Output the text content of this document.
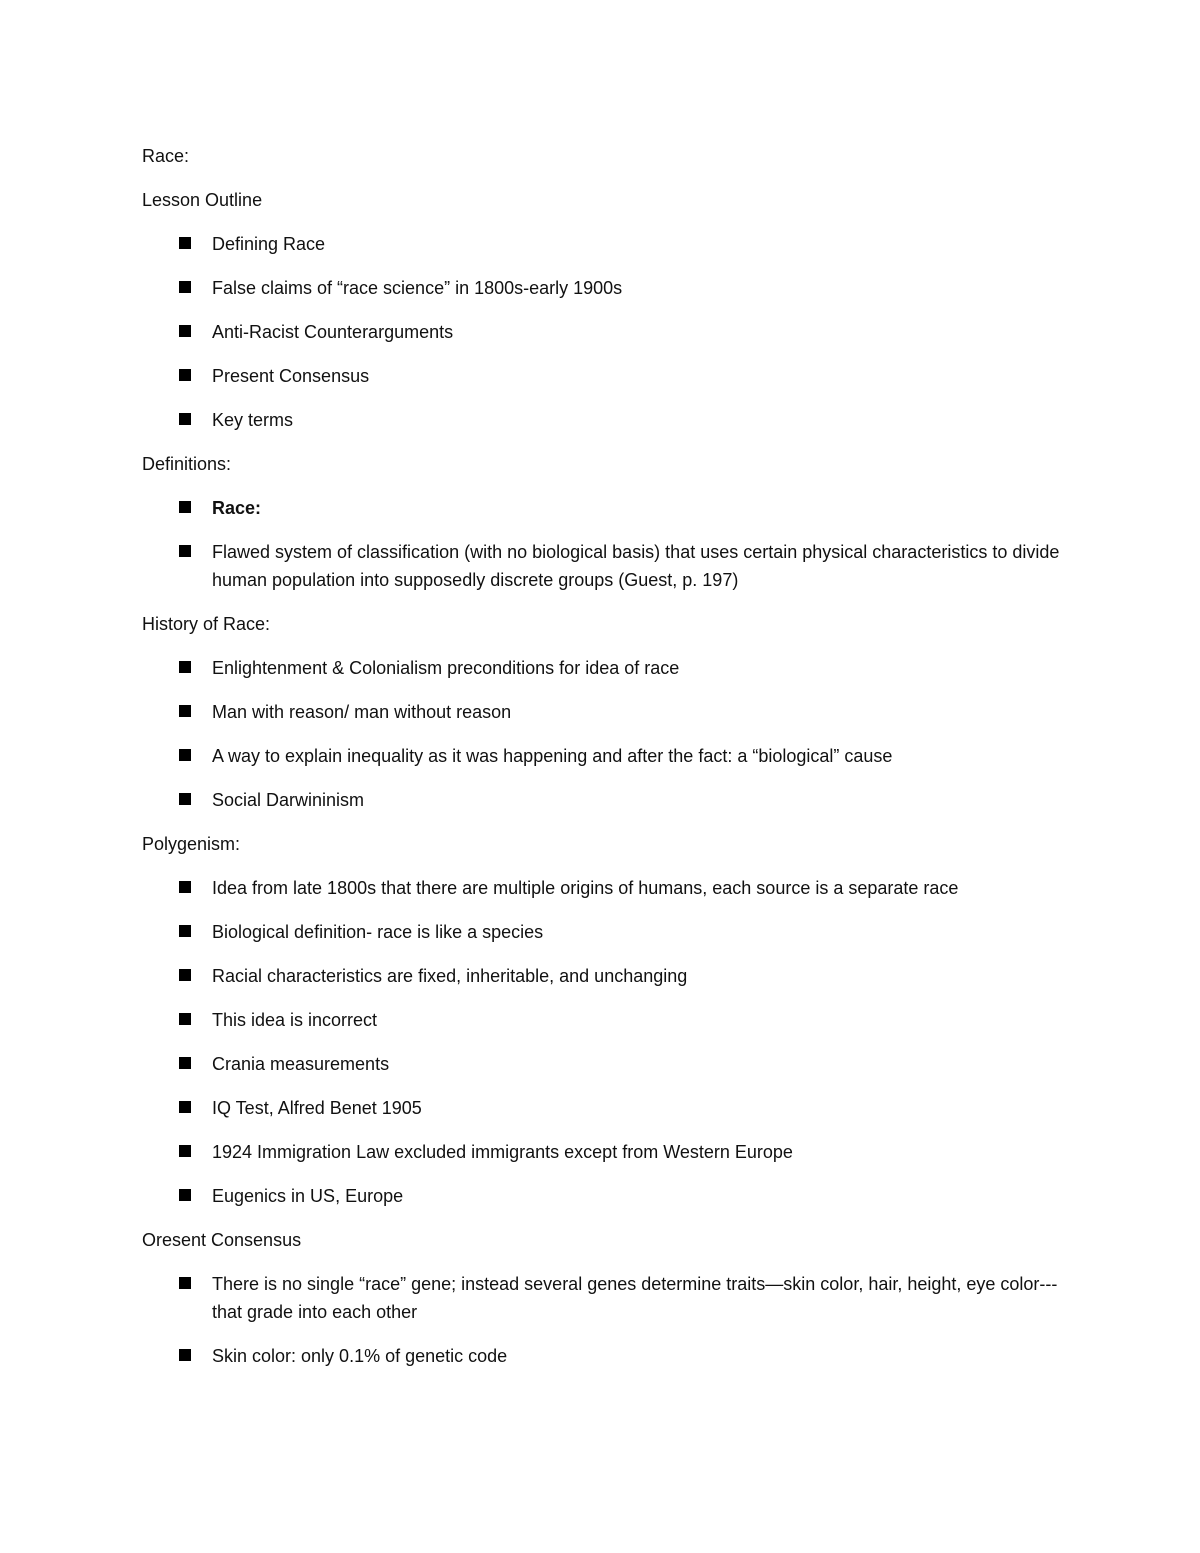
Race:

Lesson Outline

Defining Race
False claims of “race science” in 1800s-early 1900s
Anti-Racist Counterarguments
Present Consensus
Key terms

Definitions:

Race:
Flawed system of classification (with no biological basis) that uses certain physical characteristics to divide human population into supposedly discrete groups (Guest, p. 197)

History of Race:

Enlightenment & Colonialism preconditions for idea of race
Man with reason/ man without reason
A way to explain inequality as it was happening and after the fact: a “biological” cause
Social Darwininism

Polygenism:

Idea from late 1800s that there are multiple origins of humans, each source is a separate race
Biological definition- race is like a species
Racial characteristics are fixed, inheritable, and unchanging
This idea is incorrect
Crania measurements
IQ Test, Alfred Benet 1905
1924 Immigration Law excluded immigrants except from Western Europe
Eugenics in US, Europe

Oresent Consensus

There is no single “race” gene; instead several genes determine traits—skin color, hair, height, eye color---that grade into each other
Skin color: only 0.1% of genetic code
